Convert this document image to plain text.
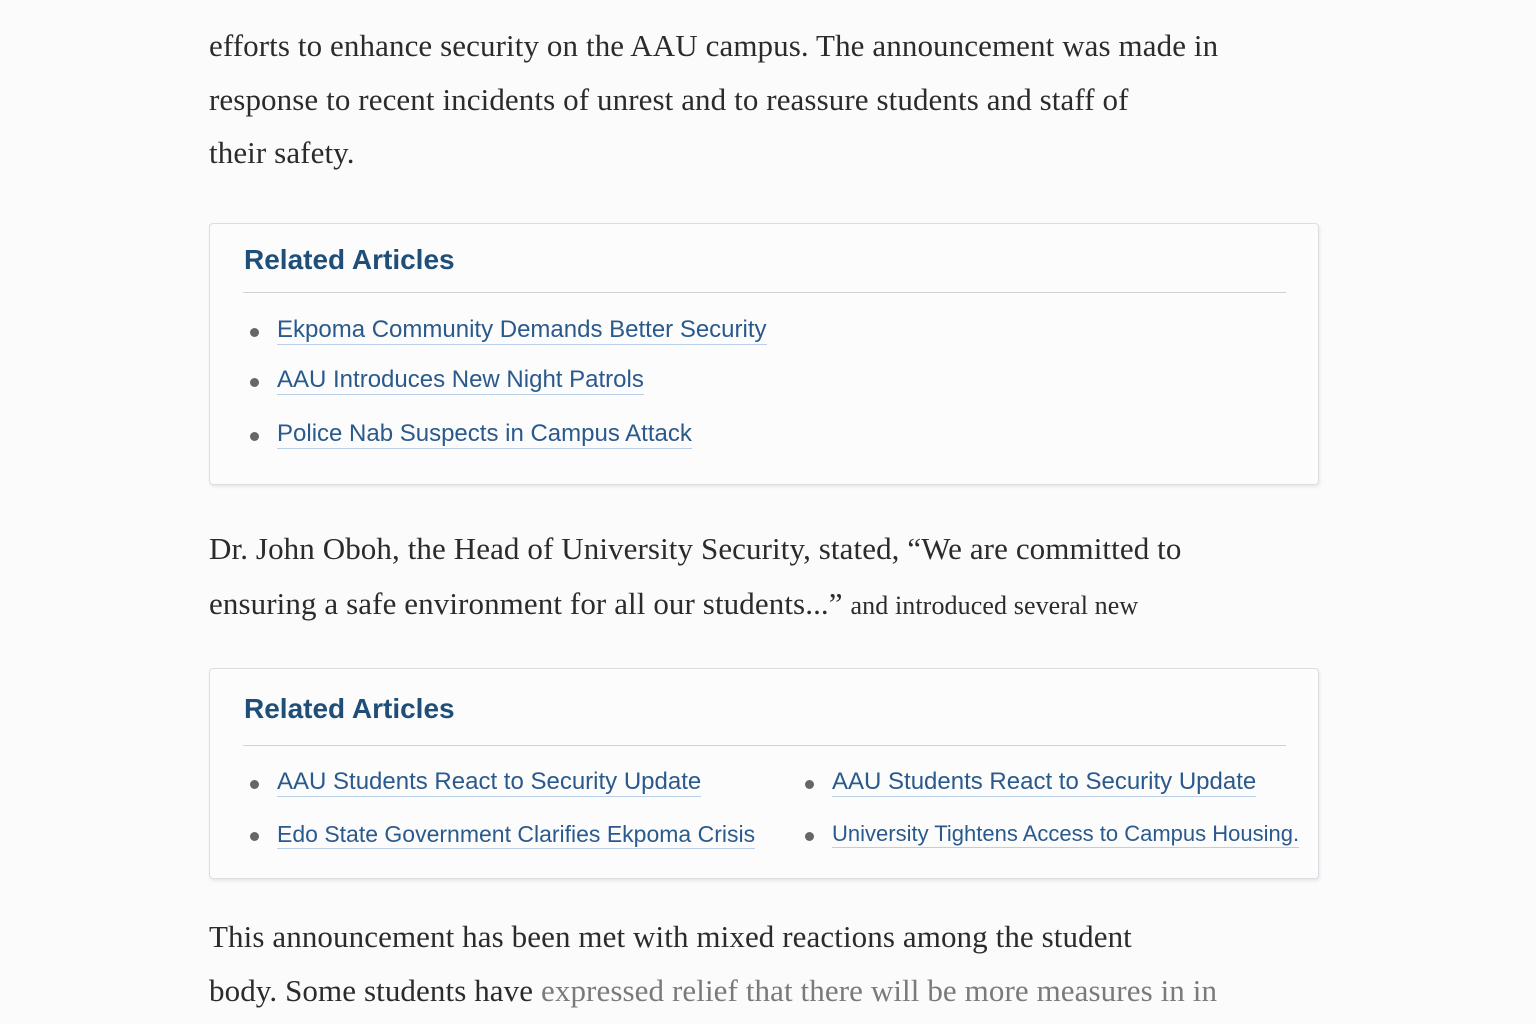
efforts to enhance security on the AAU campus. The announcement was made in
response to recent incidents of unrest and to reassure students and staff of
their safety.
Related Articles
Ekpoma Community Demands Better Security
AAU Introduces New Night Patrols
Police Nab Suspects in Campus Attack
Dr. John Oboh, the Head of University Security, stated, “We are committed to
ensuring a safe environment for all our students...” and introduced several new
Related Articles
AAU Students React to Security Update	AAU Students React to Security Update
Edo State Government Clarifies Ekpoma Crisis	University Tightens Access to Campus Housing.
This announcement has been met with mixed reactions among the student
body. Some students have expressed relief that there will be more measures in in
